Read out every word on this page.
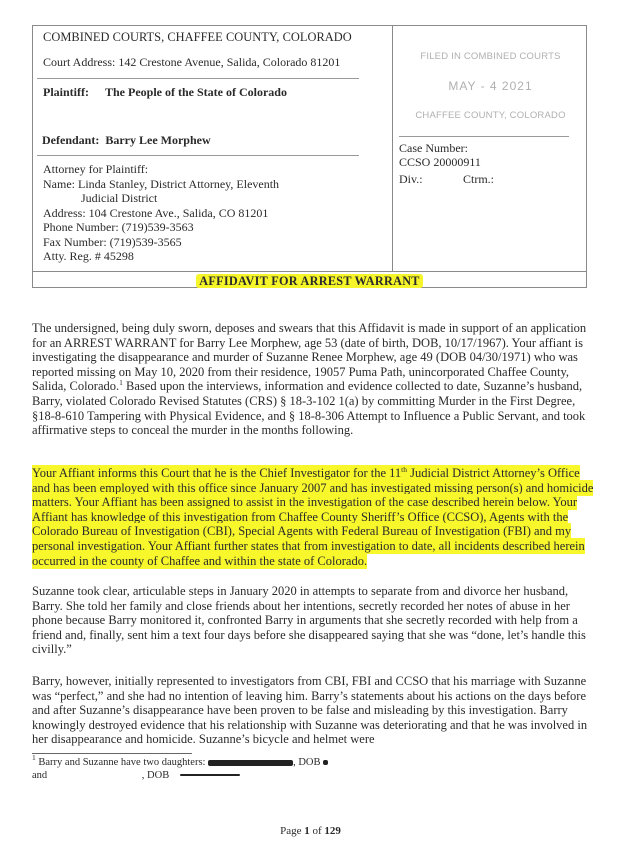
COMBINED COURTS, CHAFFEE COUNTY, COLORADO
Court Address: 142 Crestone Avenue, Salida, Colorado 81201
Plaintiff: The People of the State of Colorado
Defendant: Barry Lee Morphew
Attorney for Plaintiff:
Name: Linda Stanley, District Attorney, Eleventh
Judicial District
Address: 104 Crestone Ave., Salida, CO 81201
Phone Number: (719)539-3563
Fax Number: (719)539-3565
Atty. Reg. # 45298
FILED IN COMBINED COURTS
MAY - 4 2021
CHAFFEE COUNTY, COLORADO
Case Number:
CCSO 20000911
Div.:	Ctrm.:
AFFIDAVIT FOR ARREST WARRANT
The undersigned, being duly sworn, deposes and swears that this Affidavit is made in support of an application for an ARREST WARRANT for Barry Lee Morphew, age 53 (date of birth, DOB, 10/17/1967). Your affiant is investigating the disappearance and murder of Suzanne Renee Morphew, age 49 (DOB 04/30/1971) who was reported missing on May 10, 2020 from their residence, 19057 Puma Path, unincorporated Chaffee County, Salida, Colorado.$^1$ Based upon the interviews, information and evidence collected to date, Suzanne’s husband, Barry, violated Colorado Revised Statutes (CRS) § 18-3-102 1(a) by committing Murder in the First Degree, §18-8-610 Tampering with Physical Evidence, and § 18-8-306 Attempt to Influence a Public Servant, and took affirmative steps to conceal the murder in the months following.
Your Affiant informs this Court that he is the Chief Investigator for the 11th Judicial District Attorney’s Office and has been employed with this office since January 2007 and has investigated missing person(s) and homicide matters. Your Affiant has been assigned to assist in the investigation of the case described herein below. Your Affiant has knowledge of this investigation from Chaffee County Sheriff’s Office (CCSO), Agents with the Colorado Bureau of Investigation (CBI), Special Agents with Federal Bureau of Investigation (FBI) and my personal investigation. Your Affiant further states that from investigation to date, all incidents described herein occurred in the county of Chaffee and within the state of Colorado.
Suzanne took clear, articulable steps in January 2020 in attempts to separate from and divorce her husband, Barry. She told her family and close friends about her intentions, secretly recorded her notes of abuse in her phone because Barry monitored it, confronted Barry in arguments that she secretly recorded with help from a friend and, finally, sent him a text four days before she disappeared saying that she was “done, let’s handle this civilly.”
Barry, however, initially represented to investigators from CBI, FBI and CCSO that his marriage with Suzanne was “perfect,” and she had no intention of leaving him. Barry’s statements about his actions on the days before and after Suzanne’s disappearance have been proven to be false and misleading by this investigation. Barry knowingly destroyed evidence that his relationship with Suzanne was deteriorating and that he was involved in her disappearance and homicide. Suzanne’s bicycle and helmet were
$^1$ Barry and Suzanne have two daughters:	, DOB
and	, DOB
Page 1 of 129
